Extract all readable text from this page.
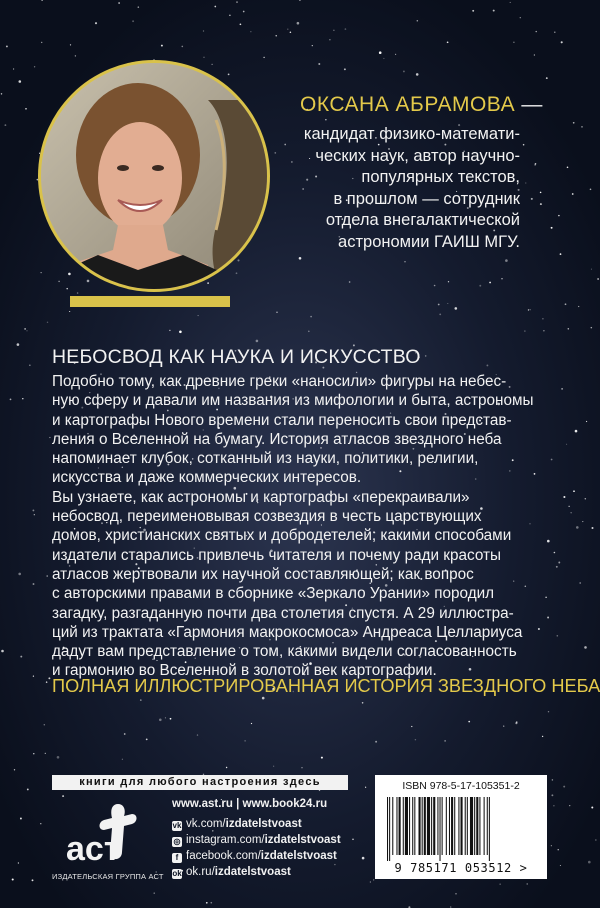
ОКСАНА АБРАМОВА —
кандидат физико-математи-
ческих наук, автор научно-
популярных текстов,
в прошлом — сотрудник
отдела внегалактической
астрономии ГАИШ МГУ.
НЕБОСВОД КАК НАУКА И ИСКУССТВО
Подобно тому, как древние греки «наносили» фигуры на небес-
ную сферу и давали им названия из мифологии и быта, астрономы
и картографы Нового времени стали переносить свои представ-
ления о Вселенной на бумагу. История атласов звездного неба
напоминает клубок, сотканный из науки, политики, религии,
искусства и даже коммерческих интересов.
Вы узнаете, как астрономы и картографы «перекраивали»
небосвод, переименовывая созвездия в честь царствующих
домов, христианских святых и добродетелей; какими способами
издатели старались привлечь читателя и почему ради красоты
атласов жертвовали их научной составляющей; как вопрос
с авторскими правами в сборнике «Зеркало Урании» породил
загадку, разгаданную почти два столетия спустя. А 29 иллюстра-
ций из трактата «Гармония макрокосмоса» Андреаса Целлариуса
дадут вам представление о том, какими видели согласованность
и гармонию во Вселенной в золотой век картографии.
ПОЛНАЯ ИЛЛЮСТРИРОВАННАЯ ИСТОРИЯ ЗВЕЗДНОГО НЕБА
книги для любого настроения здесь
аст
ИЗДАТЕЛЬСКАЯ ГРУППА АСТ
www.ast.ru | www.book24.ru
vk vk.com/izdatelstvoast
◎ instagram.com/izdatelstvoast
f facebook.com/izdatelstvoast
ok ok.ru/izdatelstvoast
ISBN 978-5-17-105351-2
9 785171 053512 >
